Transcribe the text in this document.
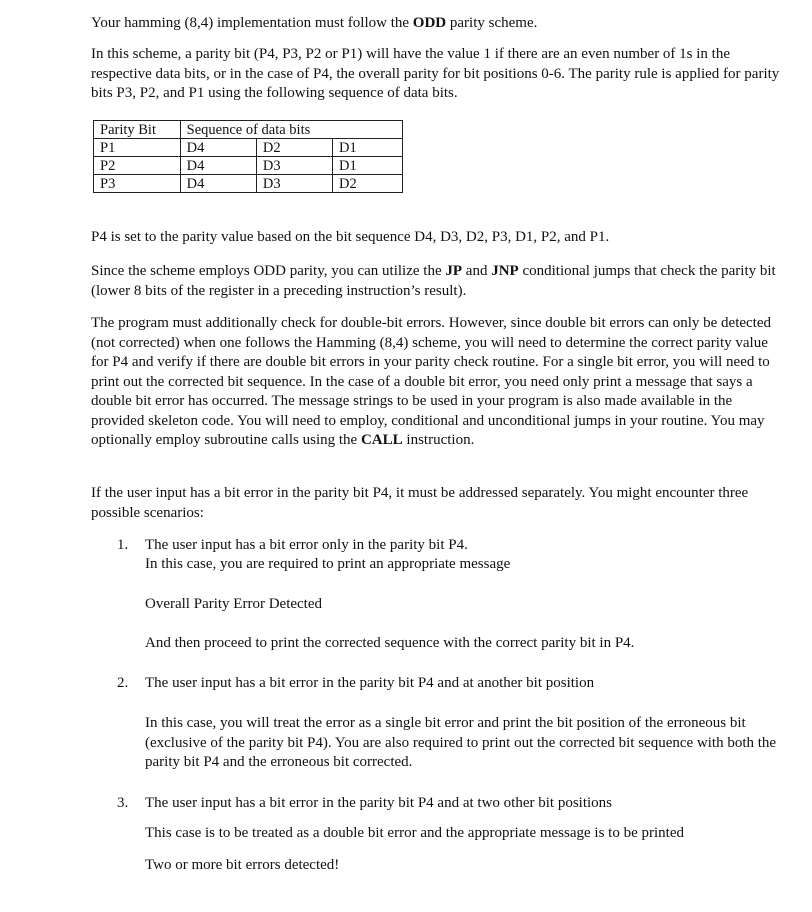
Your hamming (8,4) implementation must follow the ODD parity scheme.

In this scheme, a parity bit (P4, P3, P2 or P1) will have the value 1 if there are an even number of 1s in the respective data bits, or in the case of P4, the overall parity for bit positions 0-6. The parity rule is applied for parity bits P3, P2, and P1 using the following sequence of data bits.

Parity Bit	Sequence of data bits		
P1	D4	D2	D1
P2	D4	D3	D1
P3	D4	D3	D2

P4 is set to the parity value based on the bit sequence D4, D3, D2, P3, D1, P2, and P1.

Since the scheme employs ODD parity, you can utilize the JP and JNP conditional jumps that check the parity bit (lower 8 bits of the register in a preceding instruction’s result).

The program must additionally check for double-bit errors. However, since double bit errors can only be detected (not corrected) when one follows the Hamming (8,4) scheme, you will need to determine the correct parity value for P4 and verify if there are double bit errors in your parity check routine. For a single bit error, you will need to print out the corrected bit sequence. In the case of a double bit error, you need only print a message that says a double bit error has occurred. The message strings to be used in your program is also made available in the provided skeleton code. You will need to employ, conditional and unconditional jumps in your routine. You may optionally employ subroutine calls using the CALL instruction.

If the user input has a bit error in the parity bit P4, it must be addressed separately. You might encounter three possible scenarios:

1. The user input has a bit error only in the parity bit P4.

In this case, you are required to print an appropriate message

Overall Parity Error Detected

And then proceed to print the corrected sequence with the correct parity bit in P4.

2. The user input has a bit error in the parity bit P4 and at another bit position

In this case, you will treat the error as a single bit error and print the bit position of the erroneous bit (exclusive of the parity bit P4). You are also required to print out the corrected bit sequence with both the parity bit P4 and the erroneous bit corrected.

3. The user input has a bit error in the parity bit P4 and at two other bit positions

This case is to be treated as a double bit error and the appropriate message is to be printed

Two or more bit errors detected!
